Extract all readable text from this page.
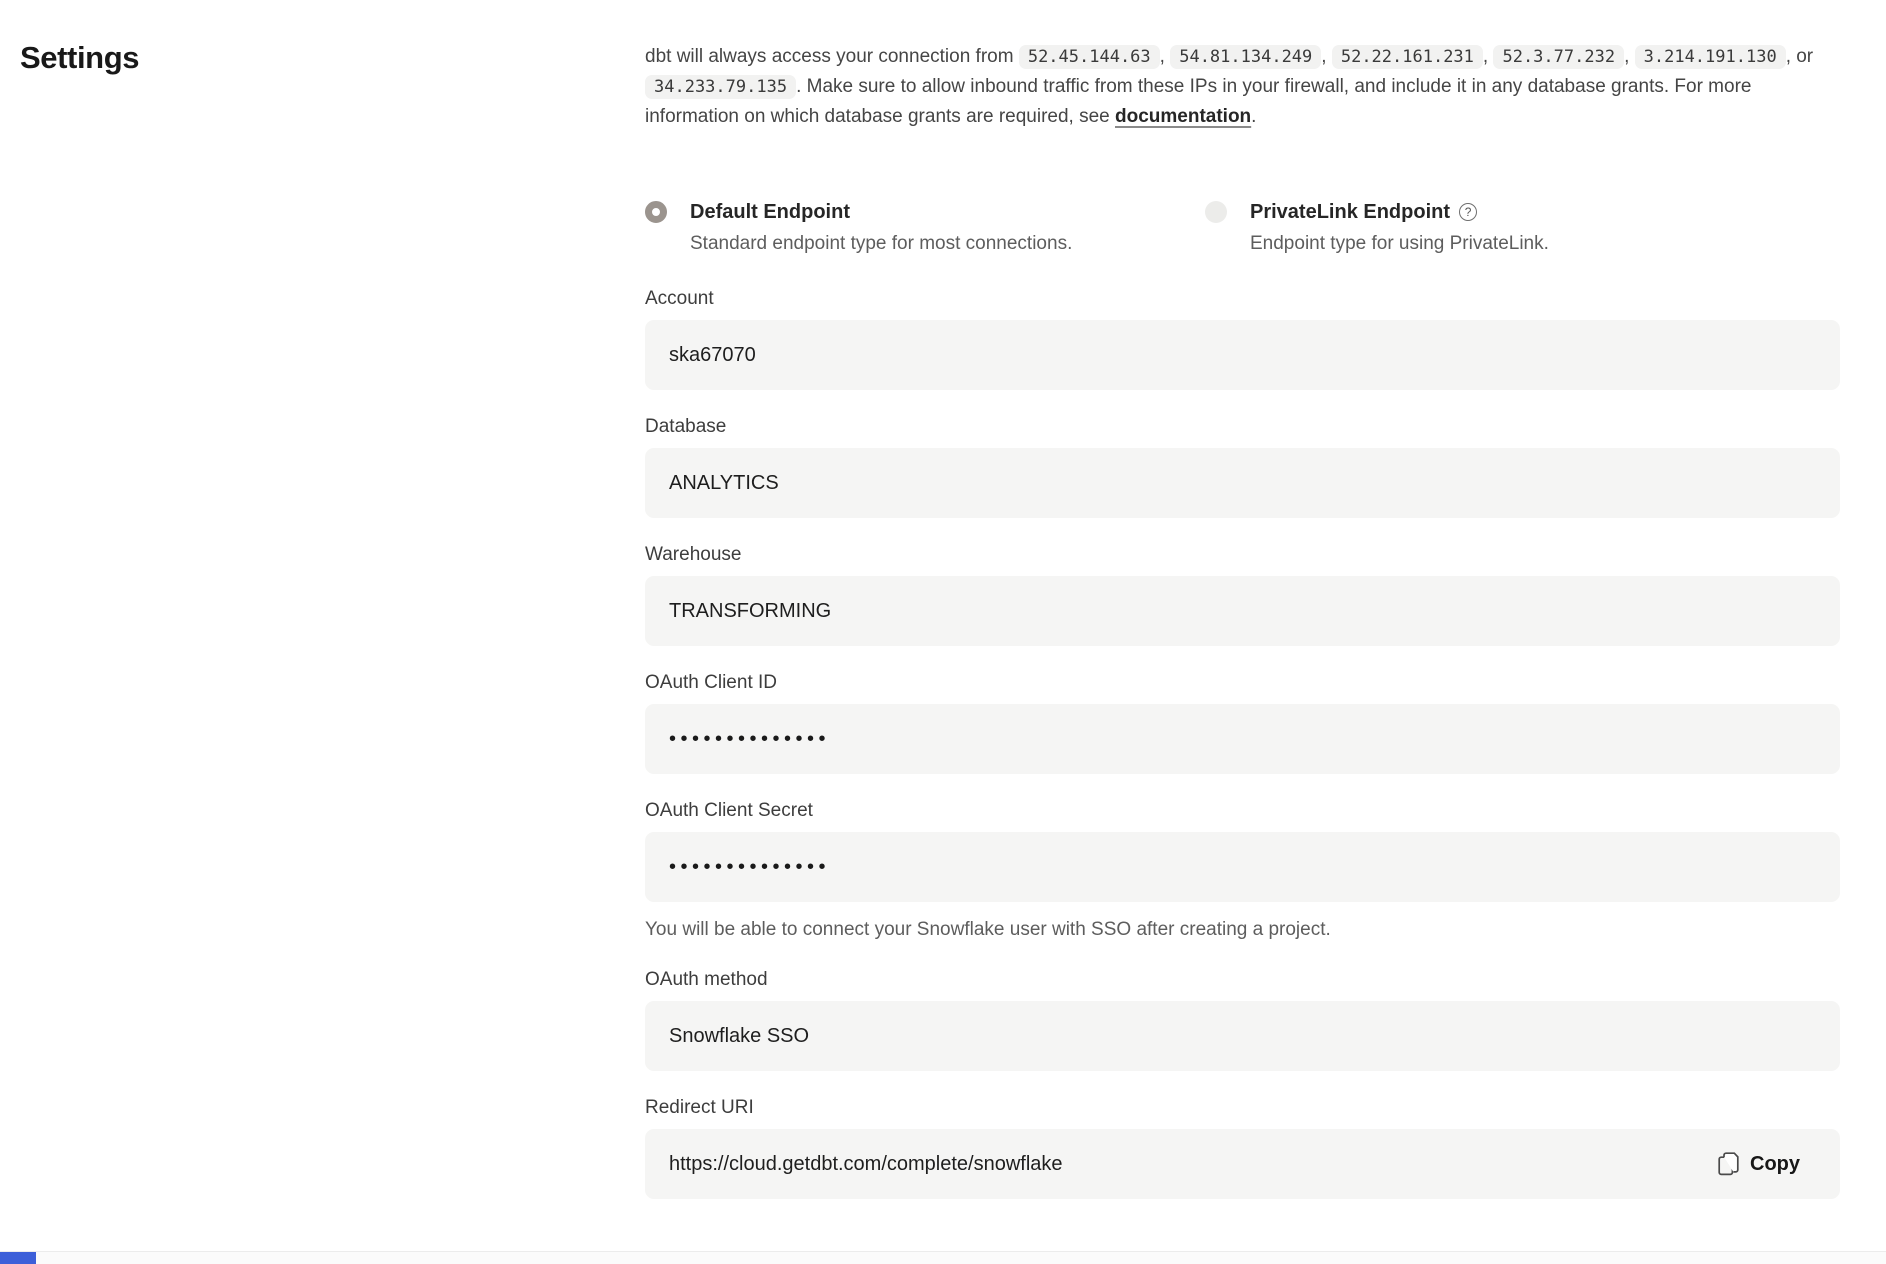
Settings	dbt will always access your connection from 52.45.144.63 , 54.81.134.249 , 52.22.161.231 , 52.3.77.232 , 3.214.191.130 , or 34.233.79.135 . Make sure to allow inbound traffic from these IPs in your firewall, and include it in any database grants. For more information on which database grants are required, see documentation.

Default Endpoint
Standard endpoint type for most connections.
PrivateLink Endpoint ?
Endpoint type for using PrivateLink.
Account
ska67070
Database
ANALYTICS
Warehouse
TRANSFORMING
OAuth Client ID
••••••••••••••
OAuth Client Secret
••••••••••••••
You will be able to connect your Snowflake user with SSO after creating a project.
OAuth method
Snowflake SSO
Redirect URI
https://cloud.getdbt.com/complete/snowflake	Copy
